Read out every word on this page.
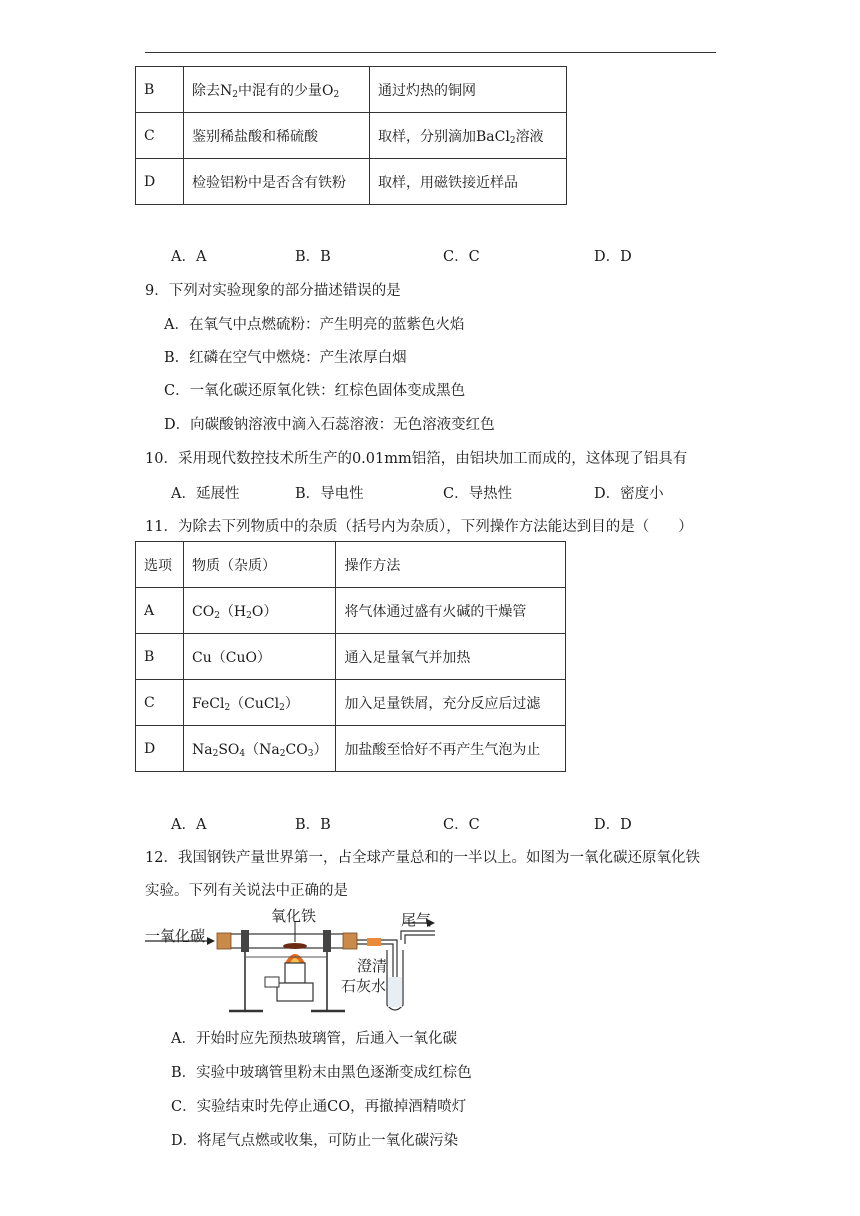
B	除去$N_2$中混有的少量$O_2$	通过灼热的铜网
C	鉴别稀盐酸和稀硫酸	取样，分别滴加BaCl$_2$溶液
D	检验铝粉中是否含有铁粉	取样，用磁铁接近样品
A．A	B．B	C．C	D．D
9．下列对实验现象的部分描述错误的是
A．在氧气中点燃硫粉：产生明亮的蓝紫色火焰
B．红磷在空气中燃烧：产生浓厚白烟
C．一氧化碳还原氧化铁：红棕色固体变成黑色
D．向碳酸钠溶液中滴入石蕊溶液：无色溶液变红色
10．采用现代数控技术所生产的0.01mm铝箔，由铝块加工而成的，这体现了铝具有
A．延展性	B．导电性	C．导热性	D．密度小
11．为除去下列物质中的杂质（括号内为杂质），下列操作方法能达到目的是（　　）
选项	物质（杂质）	操作方法
A	$CO_2(H_2O)$	将气体通过盛有火碱的干燥管
B	Cu（CuO）	通入足量氧气并加热
C	FeCl$_2$（CuCl$_2$）	加入足量铁屑，充分反应后过滤
D	$Na_2SO_4(Na_2CO_3)$	加盐酸至恰好不再产生气泡为止
A．A	B．B	C．C	D．D
12．我国钢铁产量世界第一，占全球产量总和的一半以上。如图为一氧化碳还原氧化铁
实验。下列有关说法中正确的是
一氧化碳
氧化铁	尾气
澄清
石灰水
A．开始时应先预热玻璃管，后通入一氧化碳
B．实验中玻璃管里粉末由黑色逐渐变成红棕色
C．实验结束时先停止通CO，再撤掉酒精喷灯
D．将尾气点燃或收集，可防止一氧化碳污染
